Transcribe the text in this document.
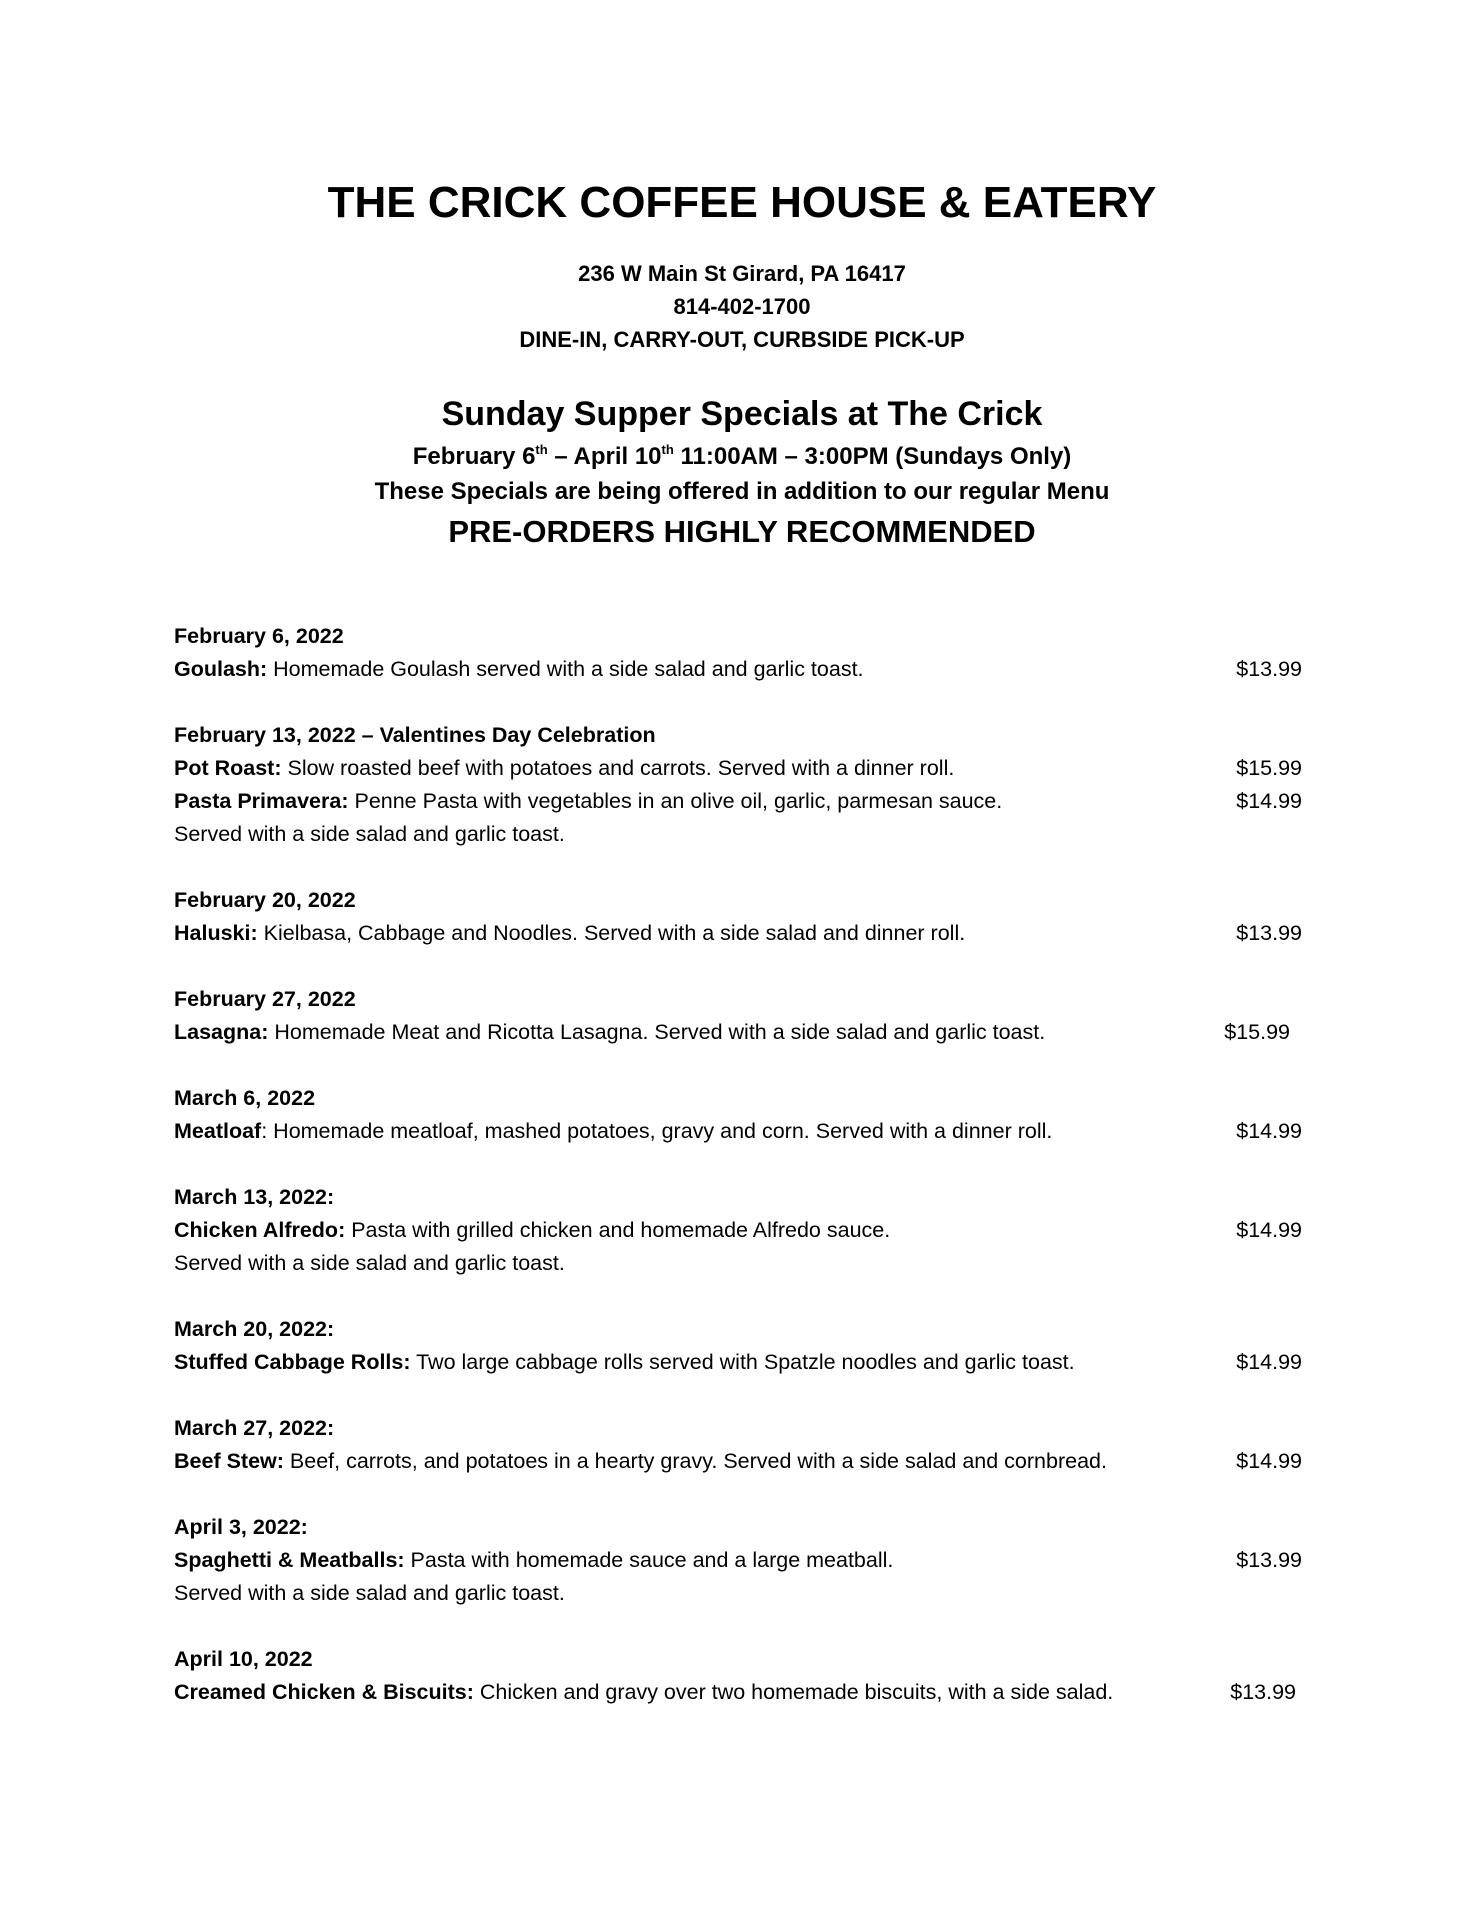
THE CRICK COFFEE HOUSE & EATERY
236 W Main St Girard, PA 16417
814-402-1700
DINE-IN, CARRY-OUT, CURBSIDE PICK-UP
Sunday Supper Specials at The Crick
February 6th – April 10th 11:00AM – 3:00PM (Sundays Only)
These Specials are being offered in addition to our regular Menu
PRE-ORDERS HIGHLY RECOMMENDED
February 6, 2022
Goulash: Homemade Goulash served with a side salad and garlic toast.	$13.99
February 13, 2022 – Valentines Day Celebration
Pot Roast: Slow roasted beef with potatoes and carrots. Served with a dinner roll.	$15.99
Pasta Primavera: Penne Pasta with vegetables in an olive oil, garlic, parmesan sauce.	$14.99
Served with a side salad and garlic toast.
February 20, 2022
Haluski: Kielbasa, Cabbage and Noodles. Served with a side salad and dinner roll.	$13.99
February 27, 2022
Lasagna: Homemade Meat and Ricotta Lasagna. Served with a side salad and garlic toast.	$15.99
March 6, 2022
Meatloaf: Homemade meatloaf, mashed potatoes, gravy and corn. Served with a dinner roll.	$14.99
March 13, 2022:
Chicken Alfredo: Pasta with grilled chicken and homemade Alfredo sauce.	$14.99
Served with a side salad and garlic toast.
March 20, 2022:
Stuffed Cabbage Rolls: Two large cabbage rolls served with Spatzle noodles and garlic toast.	$14.99
March 27, 2022:
Beef Stew: Beef, carrots, and potatoes in a hearty gravy. Served with a side salad and cornbread.	$14.99
April 3, 2022:
Spaghetti & Meatballs: Pasta with homemade sauce and a large meatball.	$13.99
Served with a side salad and garlic toast.
April 10, 2022
Creamed Chicken & Biscuits: Chicken and gravy over two homemade biscuits, with a side salad.	$13.99
